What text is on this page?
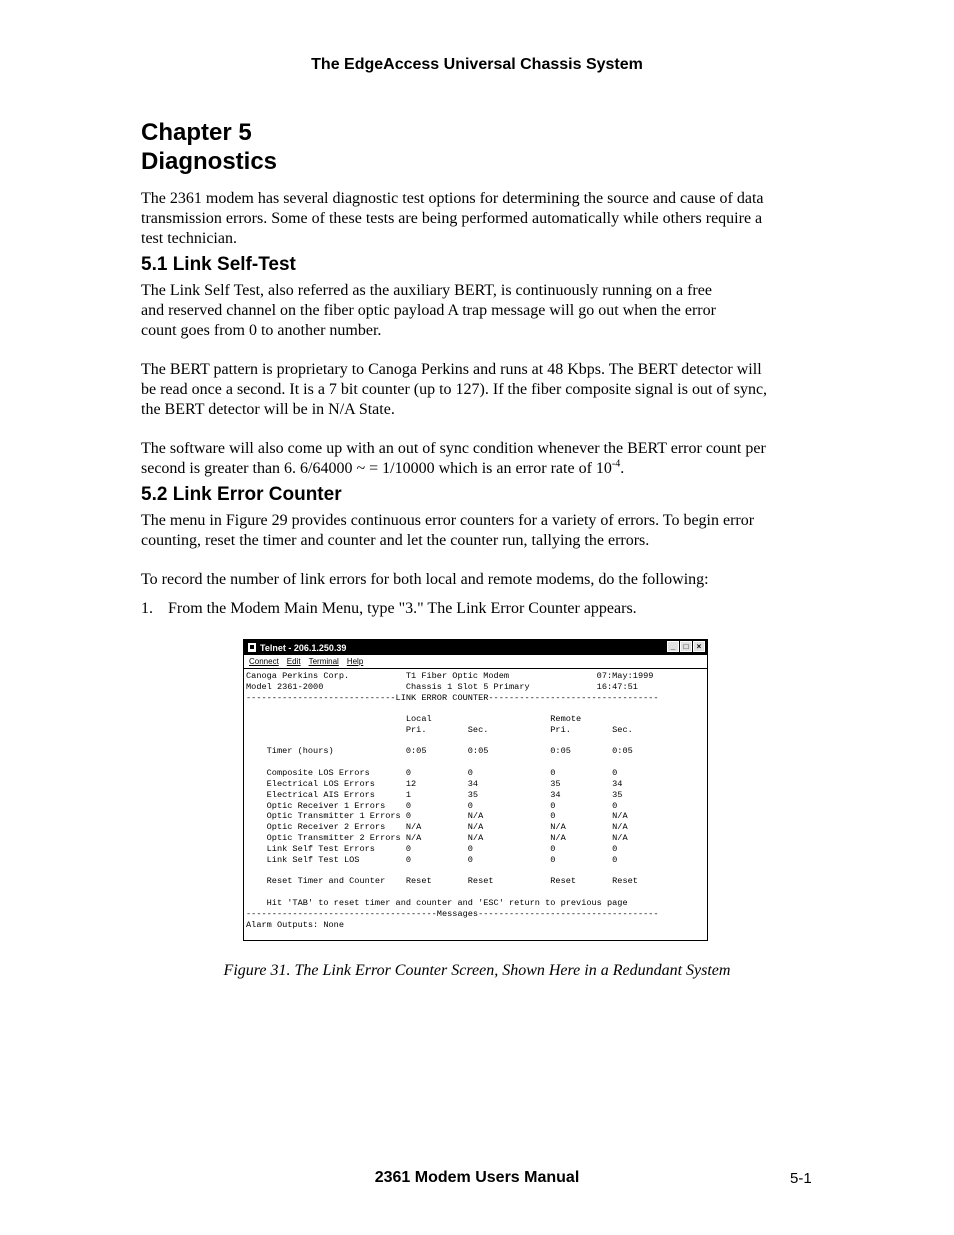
The EdgeAccess Universal Chassis System
Chapter 5
Diagnostics
The 2361 modem has several diagnostic test options for determining the source and cause of data
transmission errors. Some of these tests are being performed automatically while others require a
test technician.
5.1 Link Self-Test
The Link Self Test, also referred as the auxiliary BERT, is continuously running on a free
and reserved channel on the fiber optic payload A trap message will go out when the error
count goes from 0 to another number.
The BERT pattern is proprietary to Canoga Perkins and runs at 48 Kbps. The BERT detector will
be read once a second. It is a 7 bit counter (up to 127). If the fiber composite signal is out of sync,
the BERT detector will be in N/A State.
The software will also come up with an out of sync condition whenever the BERT error count per
second is greater than 6. 6/64000 ~ = 1/10000 which is an error rate of $10^{-4}$.
5.2 Link Error Counter
The menu in Figure 29 provides continuous error counters for a variety of errors. To begin error
counting, reset the timer and counter and let the counter run, tallying the errors.
To record the number of link errors for both local and remote modems, do the following:
1. From the Modem Main Menu, type "3." The Link Error Counter appears.
Telnet - 206.1.250.39	_	□	×
Connect Edit Terminal Help
Canoga Perkins Corp.           T1 Fiber Optic Modem                 07:May:1999
Model 2361-2000                Chassis 1 Slot 5 Primary             16:47:51
-----------------------------LINK ERROR COUNTER---------------------------------
Local                       Remote
Pri.        Sec.            Pri.        Sec.
Timer (hours)              0:05        0:05            0:05        0:05
Composite LOS Errors       0           0               0           0
Electrical LOS Errors      12          34              35          34
Electrical AIS Errors      1           35              34          35
Optic Receiver 1 Errors    0           0               0           0
Optic Transmitter 1 Errors 0           N/A             0           N/A
Optic Receiver 2 Errors    N/A         N/A             N/A         N/A
Optic Transmitter 2 Errors N/A         N/A             N/A         N/A
Link Self Test Errors      0           0               0           0
Link Self Test LOS         0           0               0           0
Reset Timer and Counter    Reset       Reset           Reset       Reset
Hit 'TAB' to reset timer and counter and 'ESC' return to previous page
-------------------------------------Messages-----------------------------------
Alarm Outputs: None
Figure 31. The Link Error Counter Screen, Shown Here in a Redundant System
2361 Modem Users Manual	5-1
